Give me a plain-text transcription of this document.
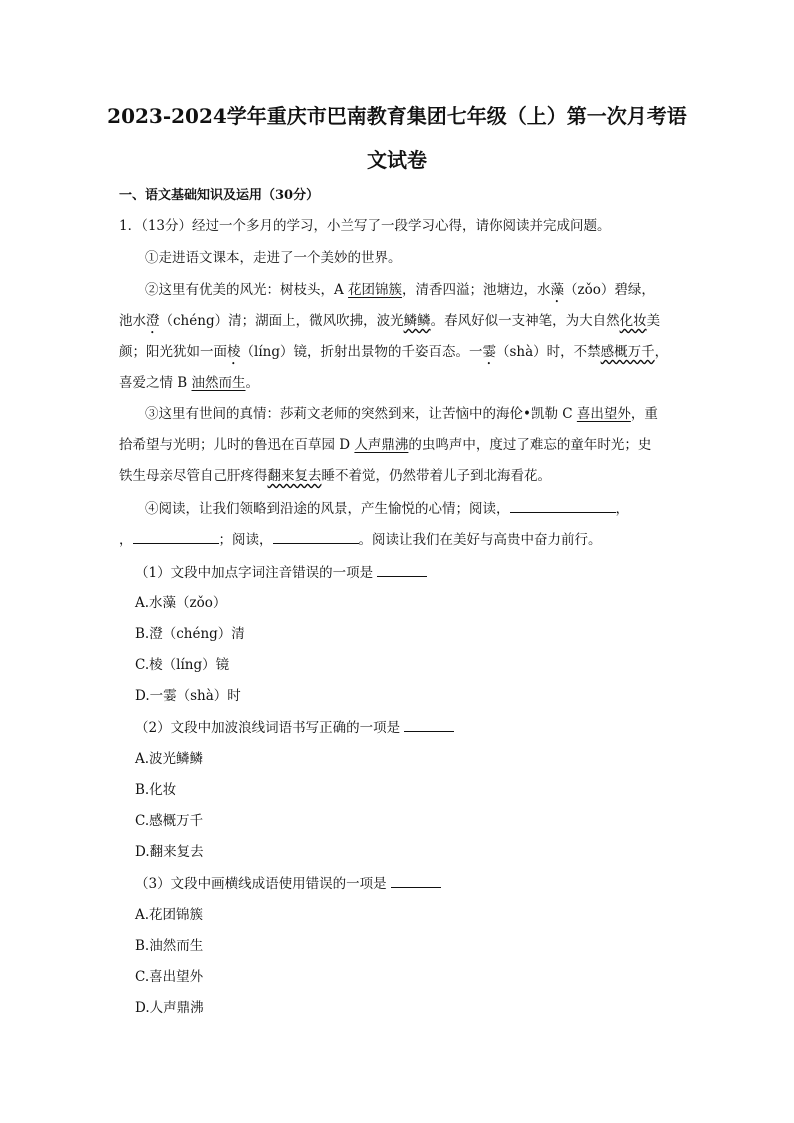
2023-2024学年重庆市巴南教育集团七年级（上）第一次月考语
文试卷
一、语文基础知识及运用（30分）
1．（13分）经过一个多月的学习，小兰写了一段学习心得，请你阅读并完成问题。
①走进语文课本，走进了一个美妙的世界。
②这里有优美的风光：树枝头，A 花团锦簇，清香四溢；池塘边，水藻（zǒo）碧绿，
池水澄（chéng）清；湖面上，微风吹拂，波光鳞鳞。春风好似一支神笔，为大自然化妆美
颜；阳光犹如一面棱（líng）镜，折射出景物的千姿百态。一霎（shà）时，不禁感概万千，
喜爱之情 B 油然而生。
③这里有世间的真情：莎莉文老师的突然到来，让苦恼中的海伦•凯勒 C 喜出望外，重
拾希望与光明；儿时的鲁迅在百草园 D 人声鼎沸的虫鸣声中，度过了难忘的童年时光；史
铁生母亲尽管自己肝疼得翻来复去睡不着觉，仍然带着儿子到北海看花。
④阅读，让我们领略到沿途的风景，产生愉悦的心情；阅读，	，
，	；阅读，	。阅读让我们在美好与高贵中奋力前行。
（1）文段中加点字词注音错误的一项是
A.水藻（zǒo）
B.澄（chéng）清
C.棱（líng）镜
D.一霎（shà）时
（2）文段中加波浪线词语书写正确的一项是
A.波光鳞鳞
B.化妆
C.感概万千
D.翻来复去
（3）文段中画横线成语使用错误的一项是
A.花团锦簇
B.油然而生
C.喜出望外
D.人声鼎沸
